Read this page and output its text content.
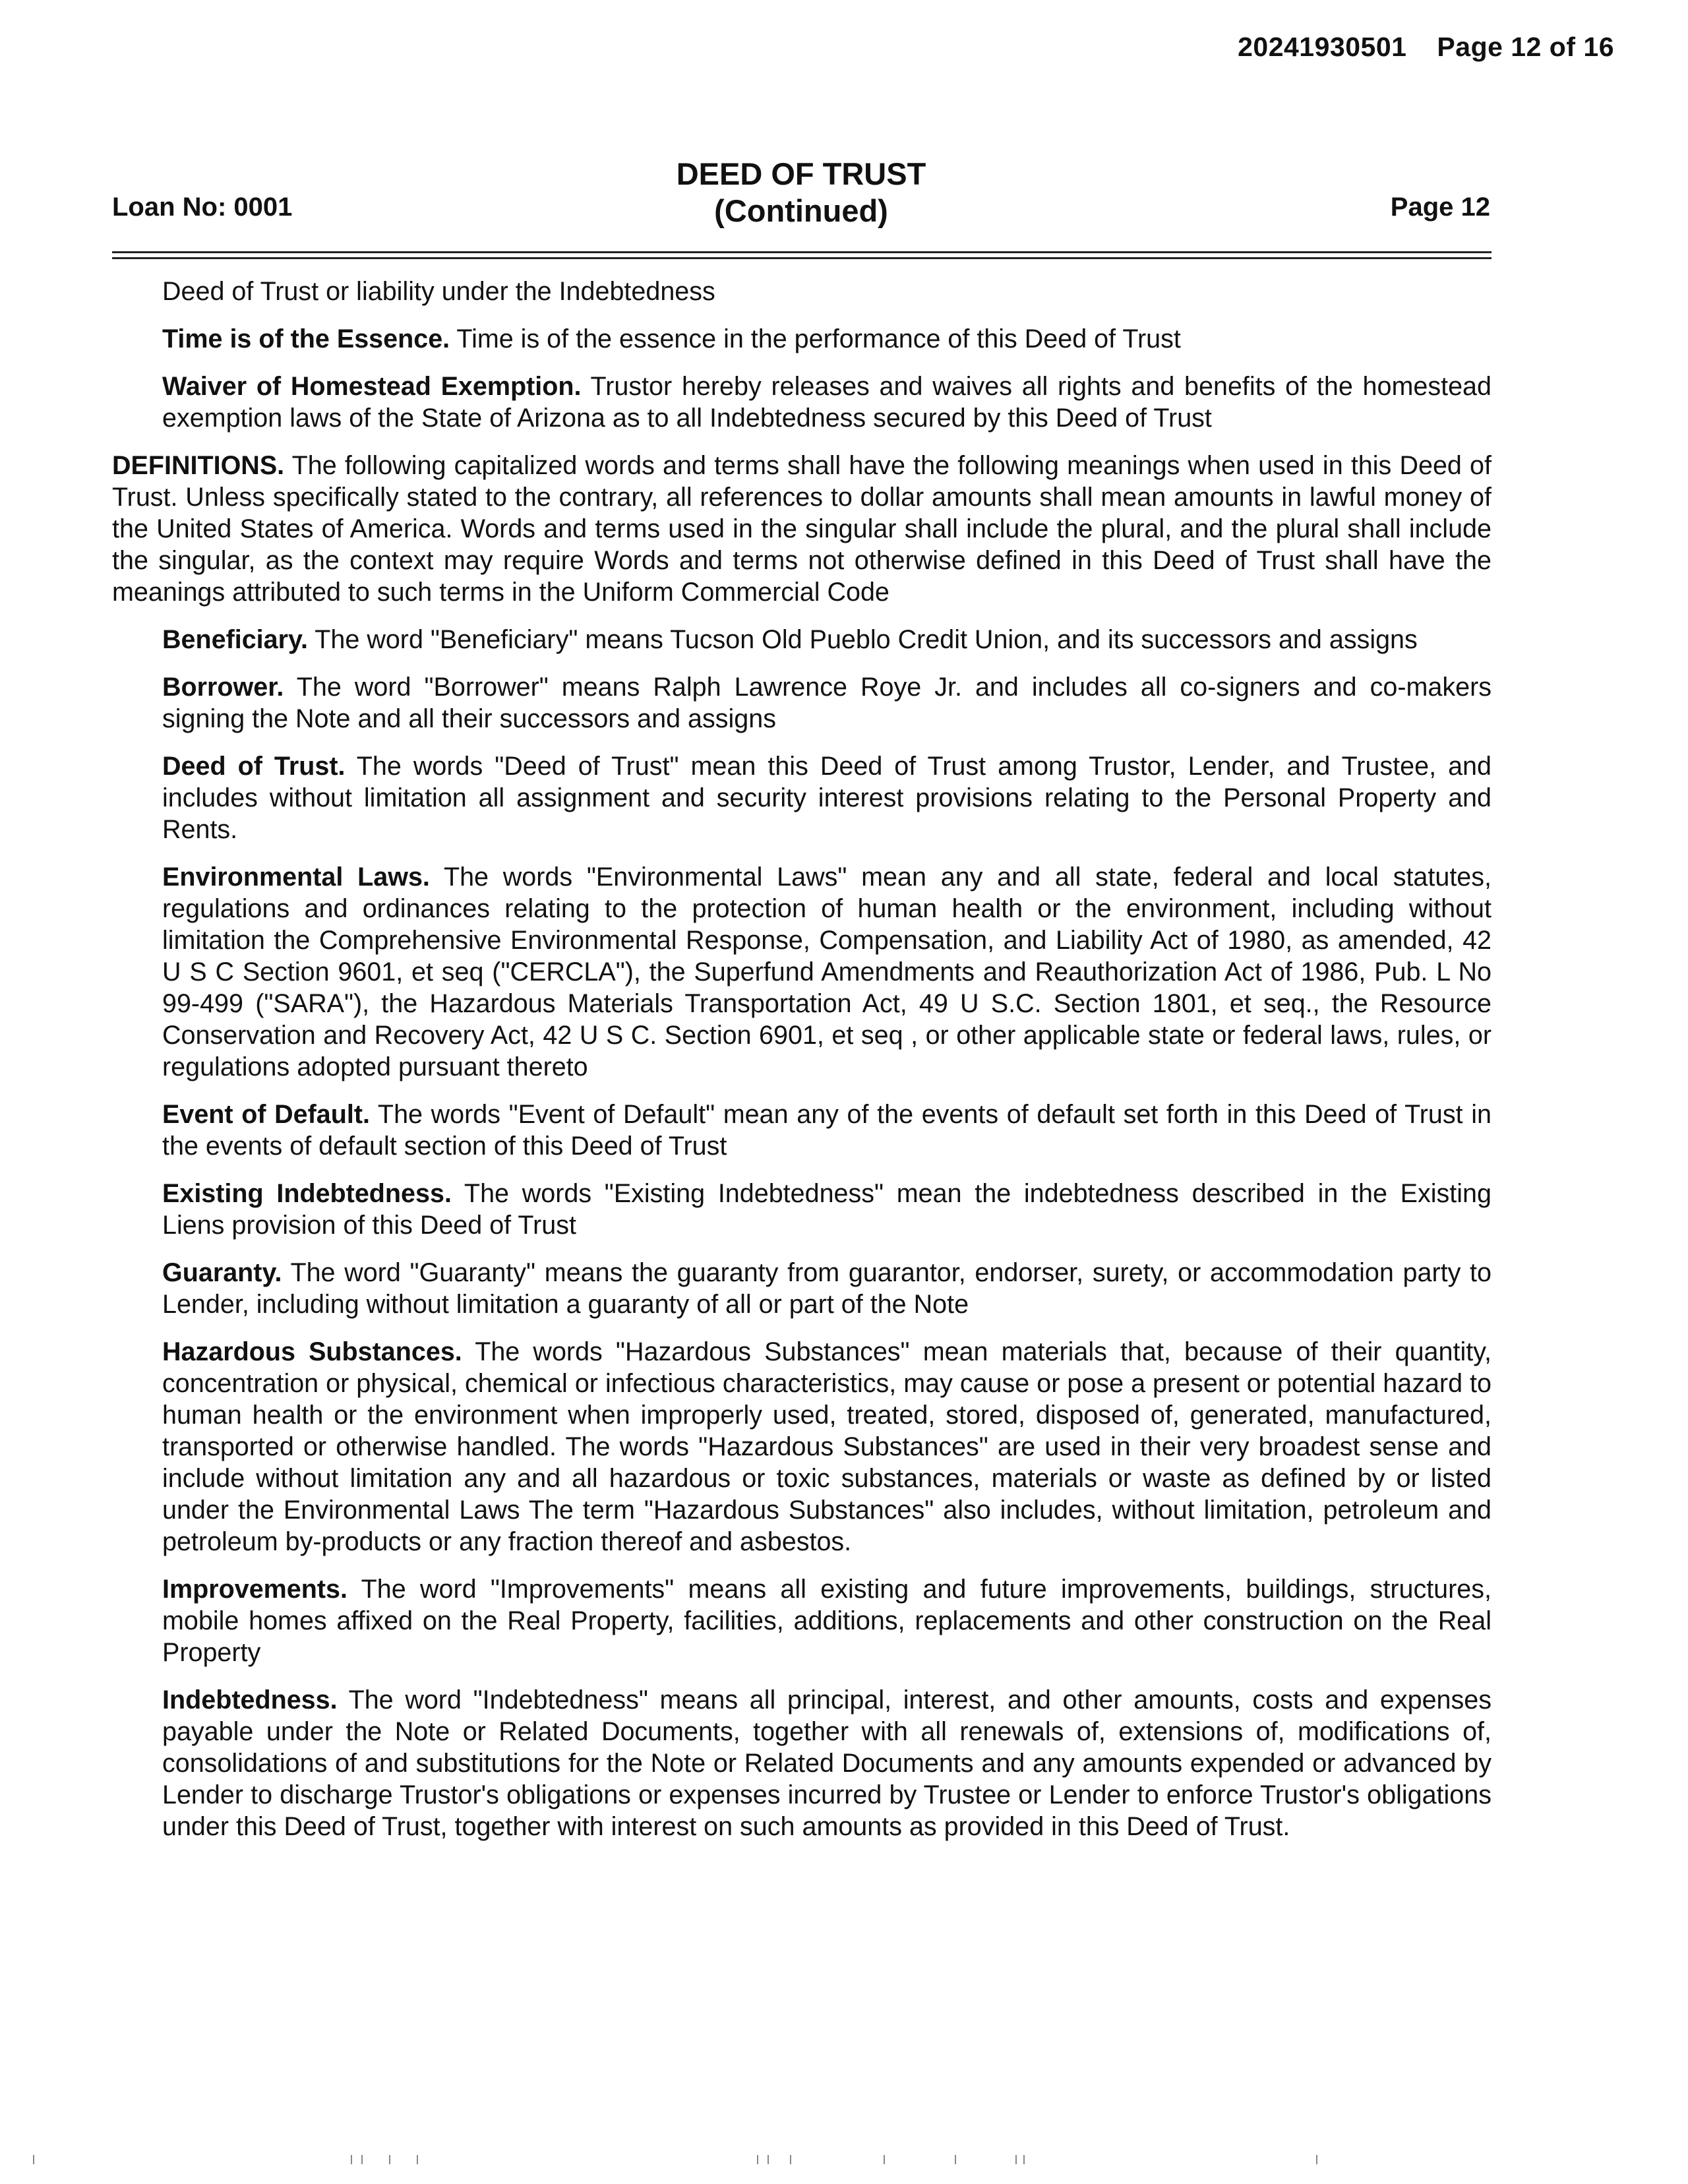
20241930501 Page 12 of 16
DEED OF TRUST
(Continued)
Loan No: 0001	Page 12

Deed of Trust or liability under the Indebtedness

Time is of the Essence. Time is of the essence in the performance of this Deed of Trust

Waiver of Homestead Exemption. Trustor hereby releases and waives all rights and benefits of the homestead exemption laws of the State of Arizona as to all Indebtedness secured by this Deed of Trust

DEFINITIONS. The following capitalized words and terms shall have the following meanings when used in this Deed of Trust. Unless specifically stated to the contrary, all references to dollar amounts shall mean amounts in lawful money of the United States of America. Words and terms used in the singular shall include the plural, and the plural shall include the singular, as the context may require Words and terms not otherwise defined in this Deed of Trust shall have the meanings attributed to such terms in the Uniform Commercial Code

Beneficiary. The word "Beneficiary" means Tucson Old Pueblo Credit Union, and its successors and assigns

Borrower. The word "Borrower" means Ralph Lawrence Roye Jr. and includes all co-signers and co-makers signing the Note and all their successors and assigns

Deed of Trust. The words "Deed of Trust" mean this Deed of Trust among Trustor, Lender, and Trustee, and includes without limitation all assignment and security interest provisions relating to the Personal Property and Rents.

Environmental Laws. The words "Environmental Laws" mean any and all state, federal and local statutes, regulations and ordinances relating to the protection of human health or the environment, including without limitation the Comprehensive Environmental Response, Compensation, and Liability Act of 1980, as amended, 42 U S C Section 9601, et seq ("CERCLA"), the Superfund Amendments and Reauthorization Act of 1986, Pub. L No 99-499 ("SARA"), the Hazardous Materials Transportation Act, 49 U S.C. Section 1801, et seq., the Resource Conservation and Recovery Act, 42 U S C. Section 6901, et seq , or other applicable state or federal laws, rules, or regulations adopted pursuant thereto

Event of Default. The words "Event of Default" mean any of the events of default set forth in this Deed of Trust in the events of default section of this Deed of Trust

Existing Indebtedness. The words "Existing Indebtedness" mean the indebtedness described in the Existing Liens provision of this Deed of Trust

Guaranty. The word "Guaranty" means the guaranty from guarantor, endorser, surety, or accommodation party to Lender, including without limitation a guaranty of all or part of the Note

Hazardous Substances. The words "Hazardous Substances" mean materials that, because of their quantity, concentration or physical, chemical or infectious characteristics, may cause or pose a present or potential hazard to human health or the environment when improperly used, treated, stored, disposed of, generated, manufactured, transported or otherwise handled. The words "Hazardous Substances" are used in their very broadest sense and include without limitation any and all hazardous or toxic substances, materials or waste as defined by or listed under the Environmental Laws The term "Hazardous Substances" also includes, without limitation, petroleum and petroleum by-products or any fraction thereof and asbestos.

Improvements. The word "Improvements" means all existing and future improvements, buildings, structures, mobile homes affixed on the Real Property, facilities, additions, replacements and other construction on the Real Property

Indebtedness. The word "Indebtedness" means all principal, interest, and other amounts, costs and expenses payable under the Note or Related Documents, together with all renewals of, extensions of, modifications of, consolidations of and substitutions for the Note or Related Documents and any amounts expended or advanced by Lender to discharge Trustor's obligations or expenses incurred by Trustee or Lender to enforce Trustor's obligations under this Deed of Trust, together with interest on such amounts as provided in this Deed of Trust.
